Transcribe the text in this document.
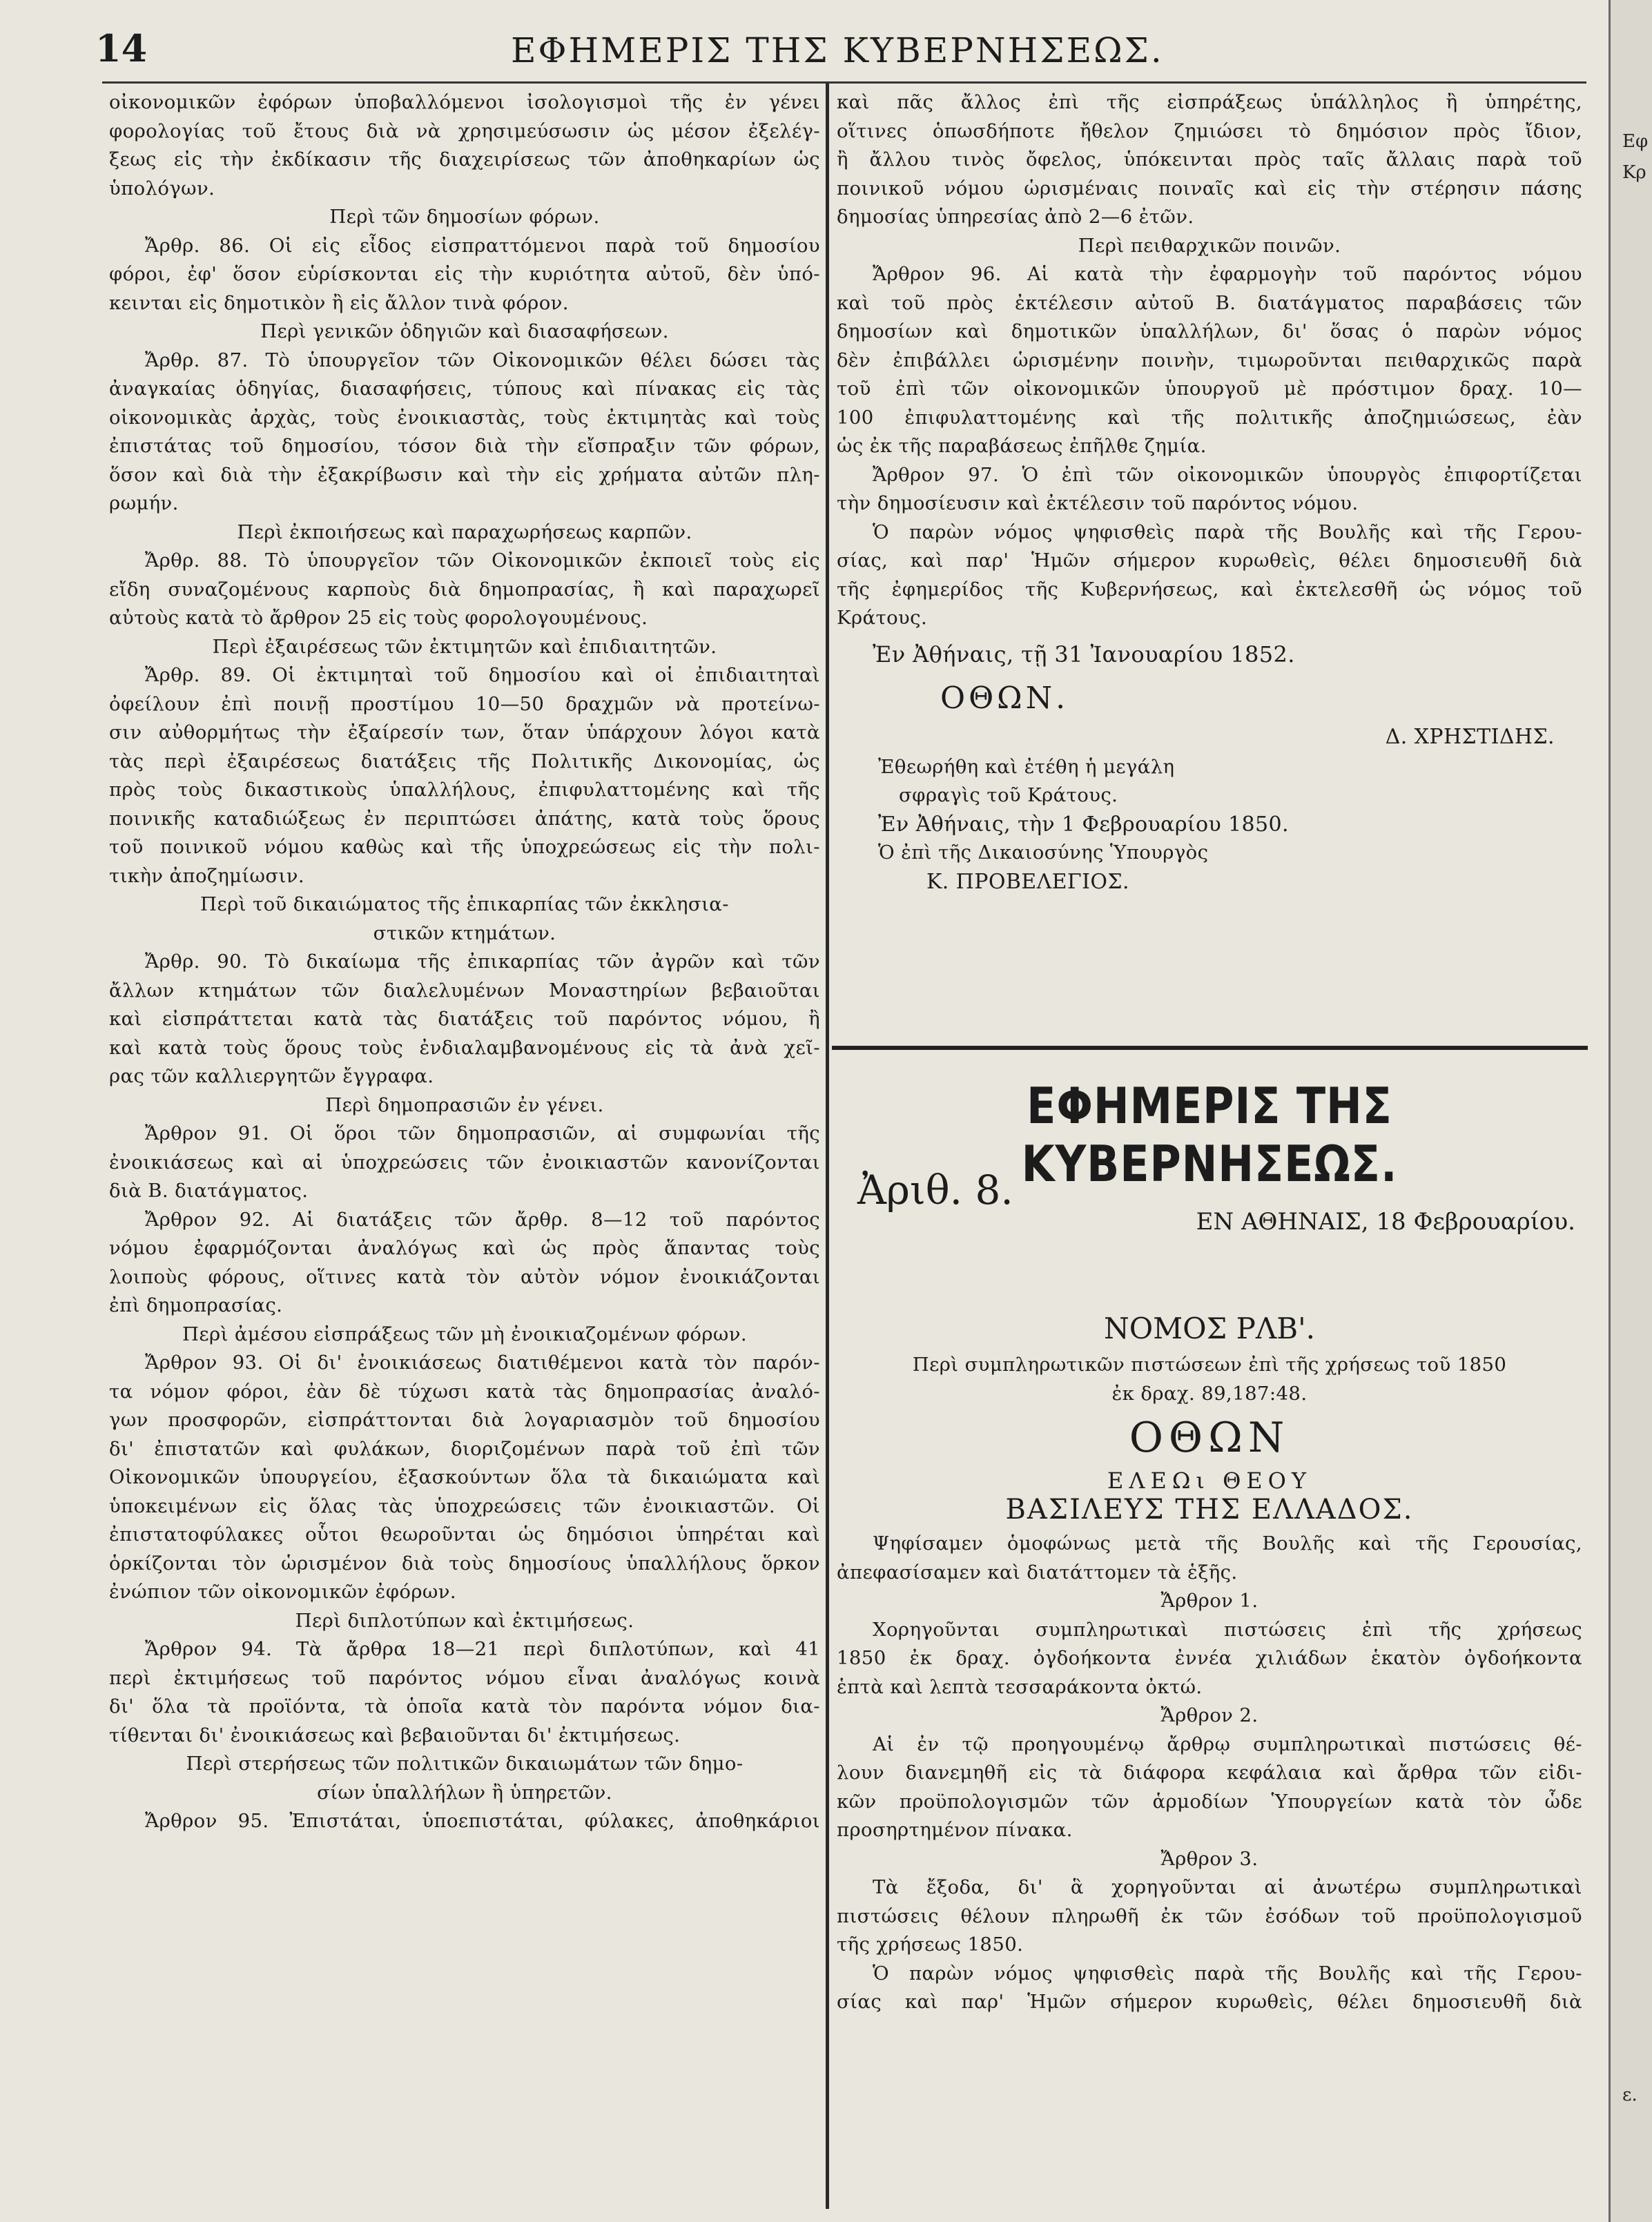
14	ΕΦΗΜΕΡΙΣ ΤΗΣ ΚΥΒΕΡΝΗΣΕΩΣ.

οἰκονομικῶν ἐφόρων ὑποβαλλόμενοι ἰσολογισμοὶ τῆς ἐν γένει

φορολογίας τοῦ ἔτους διὰ νὰ χρησιμεύσωσιν ὡς μέσον ἐξελέγ-

ξεως εἰς τὴν ἐκδίκασιν τῆς διαχειρίσεως τῶν ἀποθηκαρίων ὡς

ὑπολόγων.

Περὶ τῶν δημοσίων φόρων.

Ἄρθρ. 86. Οἱ εἰς εἶδος εἰσπραττόμενοι παρὰ τοῦ δημοσίου

φόροι, ἐφ' ὅσον εὑρίσκονται εἰς τὴν κυριότητα αὐτοῦ, δὲν ὑπό-

κεινται εἰς δημοτικὸν ἢ εἰς ἄλλον τινὰ φόρον.

Περὶ γενικῶν ὁδηγιῶν καὶ διασαφήσεων.

Ἄρθρ. 87. Τὸ ὑπουργεῖον τῶν Οἰκονομικῶν θέλει δώσει τὰς

ἀναγκαίας ὁδηγίας, διασαφήσεις, τύπους καὶ πίνακας εἰς τὰς

οἰκονομικὰς ἀρχὰς, τοὺς ἐνοικιαστὰς, τοὺς ἐκτιμητὰς καὶ τοὺς

ἐπιστάτας τοῦ δημοσίου, τόσον διὰ τὴν εἴσπραξιν τῶν φόρων,

ὅσον καὶ διὰ τὴν ἐξακρίβωσιν καὶ τὴν εἰς χρήματα αὐτῶν πλη-

ρωμήν.

Περὶ ἐκποιήσεως καὶ παραχωρήσεως καρπῶν.

Ἄρθρ. 88. Τὸ ὑπουργεῖον τῶν Οἰκονομικῶν ἐκποιεῖ τοὺς εἰς

εἴδη συναζομένους καρποὺς διὰ δημοπρασίας, ἢ καὶ παραχωρεῖ

αὐτοὺς κατὰ τὸ ἄρθρον 25 εἰς τοὺς φορολογουμένους.

Περὶ ἐξαιρέσεως τῶν ἐκτιμητῶν καὶ ἐπιδιαιτητῶν.

Ἄρθρ. 89. Οἱ ἐκτιμηταὶ τοῦ δημοσίου καὶ οἱ ἐπιδιαιτηταὶ

ὀφείλουν ἐπὶ ποινῇ προστίμου 10—50 δραχμῶν νὰ προτείνω-

σιν αὐθορμήτως τὴν ἐξαίρεσίν των, ὅταν ὑπάρχουν λόγοι κατὰ

τὰς περὶ ἐξαιρέσεως διατάξεις τῆς Πολιτικῆς Δικονομίας, ὡς

πρὸς τοὺς δικαστικοὺς ὑπαλλήλους, ἐπιφυλαττομένης καὶ τῆς

ποινικῆς καταδιώξεως ἐν περιπτώσει ἀπάτης, κατὰ τοὺς ὅρους

τοῦ ποινικοῦ νόμου καθὼς καὶ τῆς ὑποχρεώσεως εἰς τὴν πολι-

τικὴν ἀποζημίωσιν.

Περὶ τοῦ δικαιώματος τῆς ἐπικαρπίας τῶν ἐκκλησια-

στικῶν κτημάτων.

Ἄρθρ. 90. Τὸ δικαίωμα τῆς ἐπικαρπίας τῶν ἀγρῶν καὶ τῶν

ἄλλων κτημάτων τῶν διαλελυμένων Μοναστηρίων βεβαιοῦται

καὶ εἰσπράττεται κατὰ τὰς διατάξεις τοῦ παρόντος νόμου, ἢ

καὶ κατὰ τοὺς ὅρους τοὺς ἐνδιαλαμβανομένους εἰς τὰ ἀνὰ χεῖ-

ρας τῶν καλλιεργητῶν ἔγγραφα.

Περὶ δημοπρασιῶν ἐν γένει.

Ἄρθρον 91. Οἱ ὅροι τῶν δημοπρασιῶν, αἱ συμφωνίαι τῆς

ἐνοικιάσεως καὶ αἱ ὑποχρεώσεις τῶν ἐνοικιαστῶν κανονίζονται

διὰ Β. διατάγματος.

Ἄρθρον 92. Αἱ διατάξεις τῶν ἄρθρ. 8—12 τοῦ παρόντος

νόμου ἐφαρμόζονται ἀναλόγως καὶ ὡς πρὸς ἅπαντας τοὺς

λοιποὺς φόρους, οἵτινες κατὰ τὸν αὐτὸν νόμον ἐνοικιάζονται

ἐπὶ δημοπρασίας.

Περὶ ἀμέσου εἰσπράξεως τῶν μὴ ἐνοικιαζομένων φόρων.

Ἄρθρον 93. Οἱ δι' ἐνοικιάσεως διατιθέμενοι κατὰ τὸν παρόν-

τα νόμον φόροι, ἐὰν δὲ τύχωσι κατὰ τὰς δημοπρασίας ἀναλό-

γων προσφορῶν, εἰσπράττονται διὰ λογαριασμὸν τοῦ δημοσίου

δι' ἐπιστατῶν καὶ φυλάκων, διοριζομένων παρὰ τοῦ ἐπὶ τῶν

Οἰκονομικῶν ὑπουργείου, ἐξασκούντων ὅλα τὰ δικαιώματα καὶ

ὑποκειμένων εἰς ὅλας τὰς ὑποχρεώσεις τῶν ἐνοικιαστῶν. Οἱ

ἐπιστατοφύλακες οὗτοι θεωροῦνται ὡς δημόσιοι ὑπηρέται καὶ

ὁρκίζονται τὸν ὡρισμένον διὰ τοὺς δημοσίους ὑπαλλήλους ὅρκον

ἐνώπιον τῶν οἰκονομικῶν ἐφόρων.

Περὶ διπλοτύπων καὶ ἐκτιμήσεως.

Ἄρθρον 94. Τὰ ἄρθρα 18—21 περὶ διπλοτύπων, καὶ 41

περὶ ἐκτιμήσεως τοῦ παρόντος νόμου εἶναι ἀναλόγως κοινὰ

δι' ὅλα τὰ προϊόντα, τὰ ὁποῖα κατὰ τὸν παρόντα νόμον δια-

τίθενται δι' ἐνοικιάσεως καὶ βεβαιοῦνται δι' ἐκτιμήσεως.

Περὶ στερήσεως τῶν πολιτικῶν δικαιωμάτων τῶν δημο-

σίων ὑπαλλήλων ἢ ὑπηρετῶν.

Ἄρθρον 95. Ἐπιστάται, ὑποεπιστάται, φύλακες, ἀποθηκάριοι

καὶ πᾶς ἄλλος ἐπὶ τῆς εἰσπράξεως ὑπάλληλος ἢ ὑπηρέτης,

οἵτινες ὁπωσδήποτε ἤθελον ζημιώσει τὸ δημόσιον πρὸς ἴδιον,

ἢ ἄλλου τινὸς ὄφελος, ὑπόκεινται πρὸς ταῖς ἄλλαις παρὰ τοῦ

ποινικοῦ νόμου ὡρισμέναις ποιναῖς καὶ εἰς τὴν στέρησιν πάσης

δημοσίας ὑπηρεσίας ἀπὸ 2—6 ἐτῶν.

Περὶ πειθαρχικῶν ποινῶν.

Ἄρθρον 96. Αἱ κατὰ τὴν ἐφαρμογὴν τοῦ παρόντος νόμου

καὶ τοῦ πρὸς ἐκτέλεσιν αὐτοῦ Β. διατάγματος παραβάσεις τῶν

δημοσίων καὶ δημοτικῶν ὑπαλλήλων, δι' ὅσας ὁ παρὼν νόμος

δὲν ἐπιβάλλει ὡρισμένην ποινὴν, τιμωροῦνται πειθαρχικῶς παρὰ

τοῦ ἐπὶ τῶν οἰκονομικῶν ὑπουργοῦ μὲ πρόστιμον δραχ. 10—

100 ἐπιφυλαττομένης καὶ τῆς πολιτικῆς ἀποζημιώσεως, ἐὰν

ὡς ἐκ τῆς παραβάσεως ἐπῆλθε ζημία.

Ἄρθρον 97. Ὁ ἐπὶ τῶν οἰκονομικῶν ὑπουργὸς ἐπιφορτίζεται

τὴν δημοσίευσιν καὶ ἐκτέλεσιν τοῦ παρόντος νόμου.

Ὁ παρὼν νόμος ψηφισθεὶς παρὰ τῆς Βουλῆς καὶ τῆς Γερου-

σίας, καὶ παρ' Ἡμῶν σήμερον κυρωθεὶς, θέλει δημοσιευθῆ διὰ

τῆς ἐφημερίδος τῆς Κυβερνήσεως, καὶ ἐκτελεσθῆ ὡς νόμος τοῦ

Κράτους.

Ἐν Ἀθήναις, τῇ 31 Ἰανουαρίου 1852.

ΟΘΩΝ.

Δ. ΧΡΗΣΤΙΔΗΣ.

Ἐθεωρήθη καὶ ἐτέθη ἡ μεγάλη

σφραγὶς τοῦ Κράτους.

Ἐν Ἀθήναις, τὴν 1 Φεβρουαρίου 1850.

Ὁ ἐπὶ τῆς Δικαιοσύνης Ὑπουργὸς

Κ. ΠΡΟΒΕΛΕΓΙΟΣ.

ΕΦΗΜΕΡΙΣ ΤΗΣ ΚΥΒΕΡΝΗΣΕΩΣ.
Ἀριθ. 8.
ΕΝ ΑΘΗΝΑΙΣ, 18 Φεβρουαρίου.

ΝΟΜΟΣ ΡΛΒ'.

Περὶ συμπληρωτικῶν πιστώσεων ἐπὶ τῆς χρήσεως τοῦ 1850

ἐκ δραχ. 89,187:48.

ΟΘΩΝ

ΕΛΕΩι ΘΕΟΥ

ΒΑΣΙΛΕΥΣ ΤΗΣ ΕΛΛΑΔΟΣ.

Ψηφίσαμεν ὁμοφώνως μετὰ τῆς Βουλῆς καὶ τῆς Γερουσίας,

ἀπεφασίσαμεν καὶ διατάττομεν τὰ ἑξῆς.

Ἄρθρον 1.

Χορηγοῦνται συμπληρωτικαὶ πιστώσεις ἐπὶ τῆς χρήσεως

1850 ἐκ δραχ. ὀγδοήκοντα ἐννέα χιλιάδων ἑκατὸν ὀγδοήκοντα

ἑπτὰ καὶ λεπτὰ τεσσαράκοντα ὀκτώ.

Ἄρθρον 2.

Αἱ ἐν τῷ προηγουμένῳ ἄρθρῳ συμπληρωτικαὶ πιστώσεις θέ-

λουν διανεμηθῆ εἰς τὰ διάφορα κεφάλαια καὶ ἄρθρα τῶν εἰδι-

κῶν προϋπολογισμῶν τῶν ἁρμοδίων Ὑπουργείων κατὰ τὸν ὧδε

προσηρτημένον πίνακα.

Ἄρθρον 3.

Τὰ ἔξοδα, δι' ἃ χορηγοῦνται αἱ ἀνωτέρω συμπληρωτικαὶ

πιστώσεις θέλουν πληρωθῆ ἐκ τῶν ἐσόδων τοῦ προϋπολογισμοῦ

τῆς χρήσεως 1850.

Ὁ παρὼν νόμος ψηφισθεὶς παρὰ τῆς Βουλῆς καὶ τῆς Γερου-

σίας καὶ παρ' Ἡμῶν σήμερον κυρωθεὶς, θέλει δημοσιευθῆ διὰ

Εφ
Κρ
ε.
